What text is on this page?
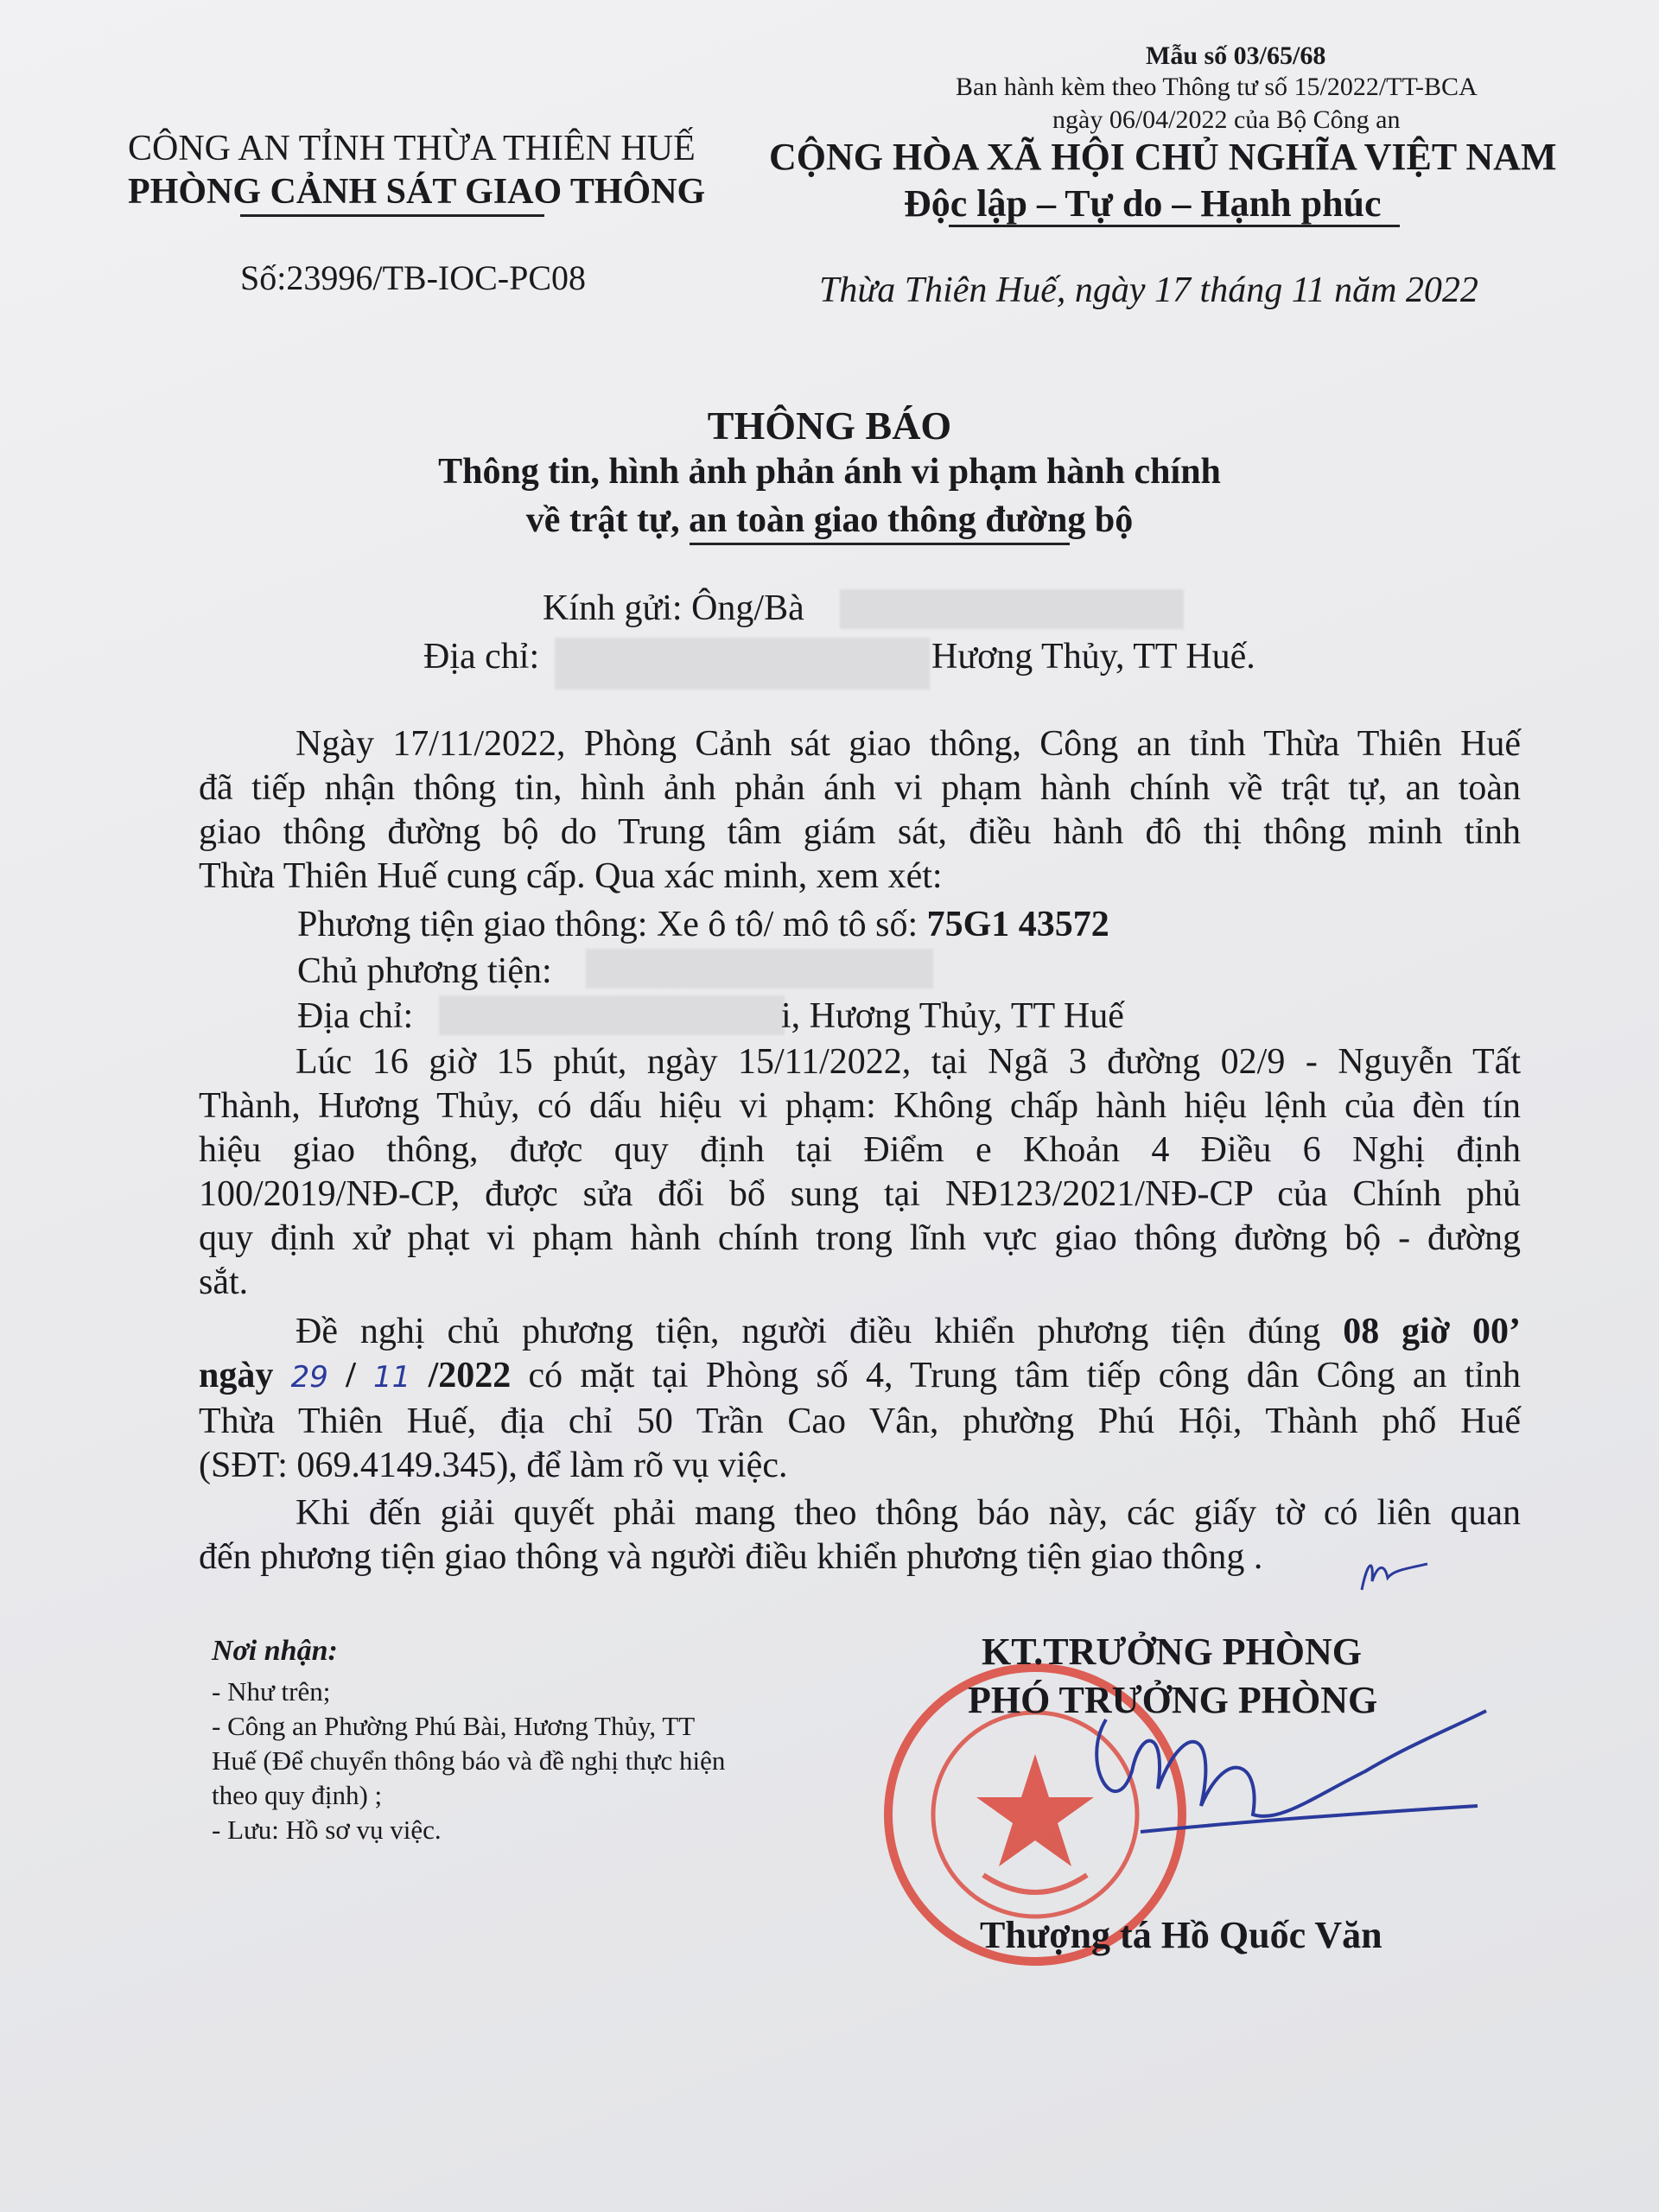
Mẫu số 03/65/68
Ban hành kèm theo Thông tư số 15/2022/TT-BCA
ngày 06/04/2022 của Bộ Công an
CÔNG AN TỈNH THỪA THIÊN HUẾ
PHÒNG CẢNH SÁT GIAO THÔNG
Số:23996/TB-IOC-PC08
CỘNG HÒA XÃ HỘI CHỦ NGHĨA VIỆT NAM
Độc lập – Tự do – Hạnh phúc
Thừa Thiên Huế, ngày 17 tháng 11 năm 2022
THÔNG BÁO
Thông tin, hình ảnh phản ánh vi phạm hành chính
về trật tự, an toàn giao thông đường bộ
Kính gửi: Ông/Bà
Địa chỉ:	Hương Thủy, TT Huế.
Ngày 17/11/2022, Phòng Cảnh sát giao thông, Công an tỉnh Thừa Thiên Huế
đã tiếp nhận thông tin, hình ảnh phản ánh vi phạm hành chính về trật tự, an toàn
giao thông đường bộ do Trung tâm giám sát, điều hành đô thị thông minh tỉnh
Thừa Thiên Huế cung cấp. Qua xác minh, xem xét:
Phương tiện giao thông: Xe ô tô/ mô tô số: 75G1 43572
Chủ phương tiện:
Địa chỉ:	i, Hương Thủy, TT Huế
Lúc 16 giờ 15 phút, ngày 15/11/2022, tại Ngã 3 đường 02/9 - Nguyễn Tất
Thành, Hương Thủy, có dấu hiệu vi phạm: Không chấp hành hiệu lệnh của đèn tín
hiệu giao thông, được quy định tại Điểm e Khoản 4 Điều 6 Nghị định
100/2019/NĐ-CP, được sửa đổi bổ sung tại NĐ123/2021/NĐ-CP của Chính phủ
quy định xử phạt vi phạm hành chính trong lĩnh vực giao thông đường bộ - đường
sắt.
Đề nghị chủ phương tiện, người điều khiển phương tiện đúng 08 giờ 00’
ngày 29 / 11 /2022 có mặt tại Phòng số 4, Trung tâm tiếp công dân Công an tỉnh
Thừa Thiên Huế, địa chỉ 50 Trần Cao Vân, phường Phú Hội, Thành phố Huế
(SĐT: 069.4149.345), để làm rõ vụ việc.
Khi đến giải quyết phải mang theo thông báo này, các giấy tờ có liên quan
đến phương tiện giao thông và người điều khiển phương tiện giao thông .
Nơi nhận:
- Như trên;
- Công an Phường Phú Bài, Hương Thủy, TT
Huế (Để chuyển thông báo và đề nghị thực hiện
theo quy định) ;
- Lưu: Hồ sơ vụ việc.
KT.TRƯỞNG PHÒNG
PHÓ TRƯỞNG PHÒNG
Thượng tá Hồ Quốc Văn
